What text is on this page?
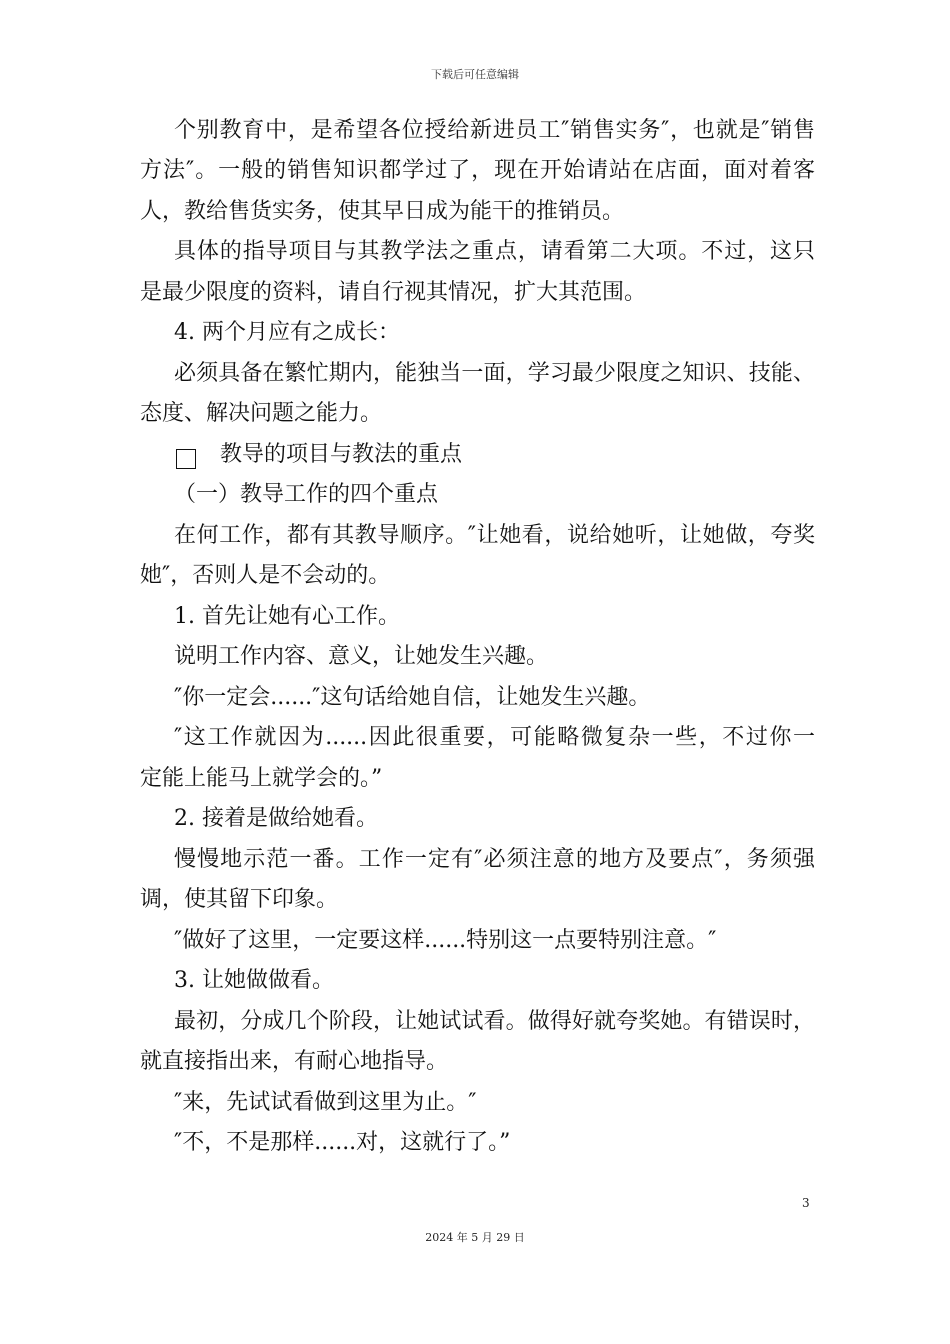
下载后可任意编辑
个别教育中，是希望各位授给新进员工″销售实务″，也就是″销售
方法″。一般的销售知识都学过了，现在开始请站在店面，面对着客
人，教给售货实务，使其早日成为能干的推销员。
具体的指导项目与其教学法之重点，请看第二大项。不过，这只
是最少限度的资料，请自行视其情况，扩大其范围。
4. 两个月应有之成长：
必须具备在繁忙期内，能独当一面，学习最少限度之知识、技能、
态度、解决问题之能力。
教导的项目与教法的重点
（一）教导工作的四个重点
在何工作，都有其教导顺序。″让她看，说给她听，让她做，夸奖
她″，否则人是不会动的。
1. 首先让她有心工作。
说明工作内容、意义，让她发生兴趣。
″你一定会......″这句话给她自信，让她发生兴趣。
″这工作就因为......因此很重要，可能略微复杂一些，不过你一
定能上能马上就学会的。”
2. 接着是做给她看。
慢慢地示范一番。工作一定有″必须注意的地方及要点″，务须强
调，使其留下印象。
″做好了这里，一定要这样......特别这一点要特别注意。″
3. 让她做做看。
最初，分成几个阶段，让她试试看。做得好就夸奖她。有错误时，
就直接指出来，有耐心地指导。
″来，先试试看做到这里为止。″
″不，不是那样......对，这就行了。”
3
2024 年 5 月 29 日
